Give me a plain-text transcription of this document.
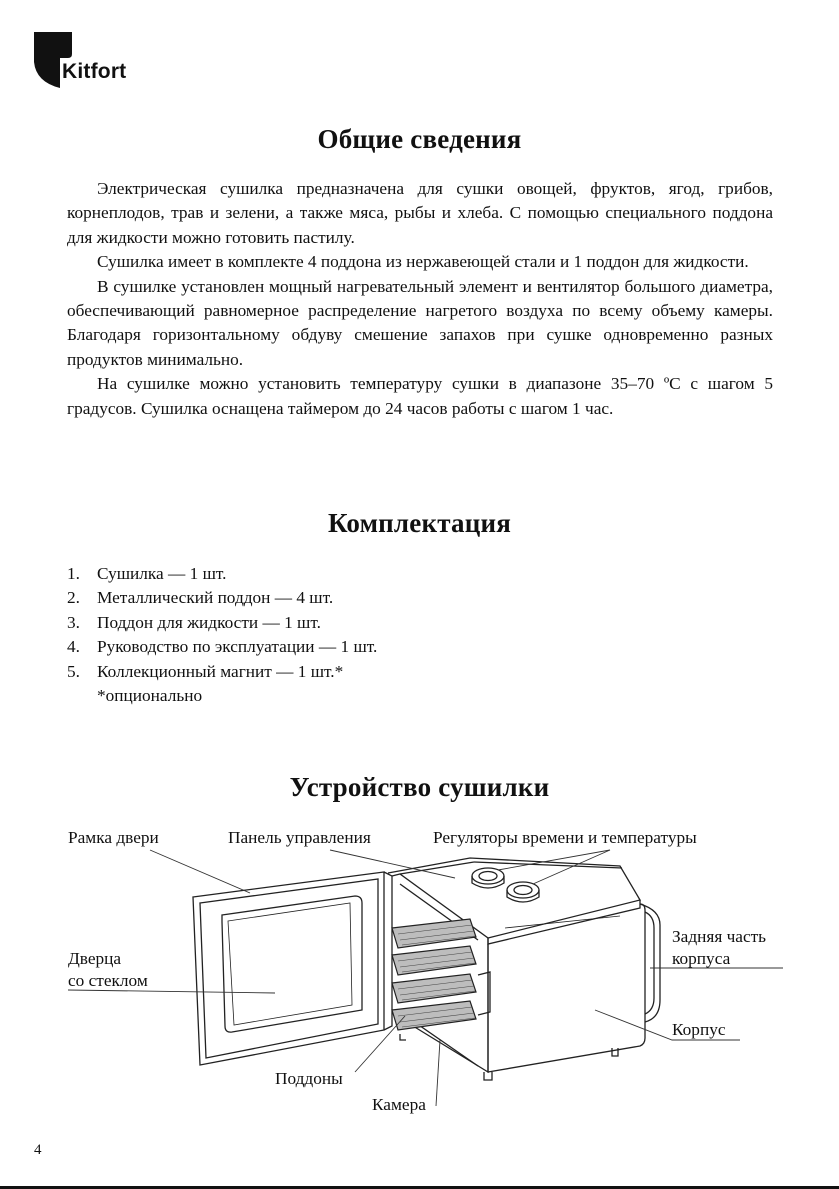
Kitfort
Общие сведения

Электрическая сушилка предназначена для сушки овощей, фруктов, ягод, грибов, корнеплодов, трав и зелени, а также мяса, рыбы и хлеба. С помощью специального поддона для жидкости можно готовить пастилу.

Сушилка имеет в комплекте 4 поддона из нержавеющей стали и 1 поддон для жидкости.

В сушилке установлен мощный нагревательный элемент и вентилятор большого диаметра, обеспечивающий равномерное распределение нагретого воздуха по всему объему камеры. Благодаря горизонтальному обдуву смешение запахов при сушке одновременно разных продуктов минимально.

На сушилке можно установить температуру сушки в диапазоне 35–70 ºС с шагом 5 градусов. Сушилка оснащена таймером до 24 часов работы с шагом 1 час.

Комплектация
1. Сушилка — 1 шт.
2. Металлический поддон — 4 шт.
3. Поддон для жидкости — 1 шт.
4. Руководство по эксплуатации — 1 шт.
5. Коллекционный магнит — 1 шт.*
*опционально
Устройство сушилки
Рамка двери	Панель управления	Регуляторы времени и температуры
Дверца
со стеклом
Задняя часть
корпуса
Корпус
Поддоны
Камера
4
